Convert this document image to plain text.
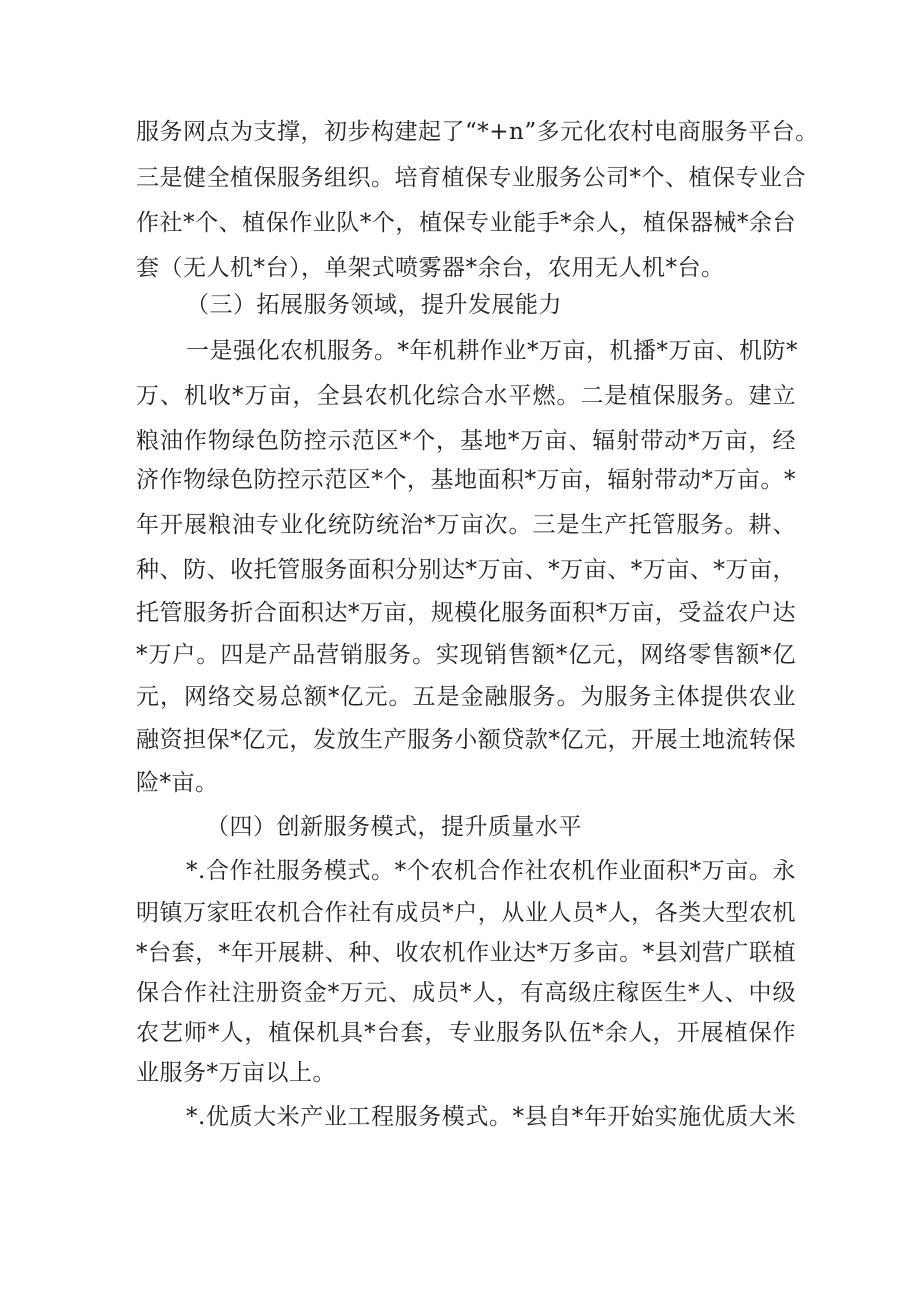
服务网点为支撑，初步构建起了“*+n”多元化农村电商服务平台。

三是健全植保服务组织。培育植保专业服务公司*个、植保专业合

作社*个、植保作业队*个，植保专业能手*余人，植保器械*余台

套（无人机*台），单架式喷雾器*余台，农用无人机*台。

（三）拓展服务领域，提升发展能力

一是强化农机服务。*年机耕作业*万亩，机播*万亩、机防*

万、机收*万亩，全县农机化综合水平燃。二是植保服务。建立

粮油作物绿色防控示范区*个，基地*万亩、辐射带动*万亩，经

济作物绿色防控示范区*个，基地面积*万亩，辐射带动*万亩。*

年开展粮油专业化统防统治*万亩次。三是生产托管服务。耕、

种、防、收托管服务面积分别达*万亩、*万亩、*万亩、*万亩，

托管服务折合面积达*万亩，规模化服务面积*万亩，受益农户达

*万户。四是产品营销服务。实现销售额*亿元，网络零售额*亿

元，网络交易总额*亿元。五是金融服务。为服务主体提供农业

融资担保*亿元，发放生产服务小额贷款*亿元，开展土地流转保

险*亩。

（四）创新服务模式，提升质量水平

*.合作社服务模式。*个农机合作社农机作业面积*万亩。永

明镇万家旺农机合作社有成员*户，从业人员*人，各类大型农机

*台套，*年开展耕、种、收农机作业达*万多亩。*县刘营广联植

保合作社注册资金*万元、成员*人，有高级庄稼医生*人、中级

农艺师*人，植保机具*台套，专业服务队伍*余人，开展植保作

业服务*万亩以上。

*.优质大米产业工程服务模式。*县自*年开始实施优质大米
